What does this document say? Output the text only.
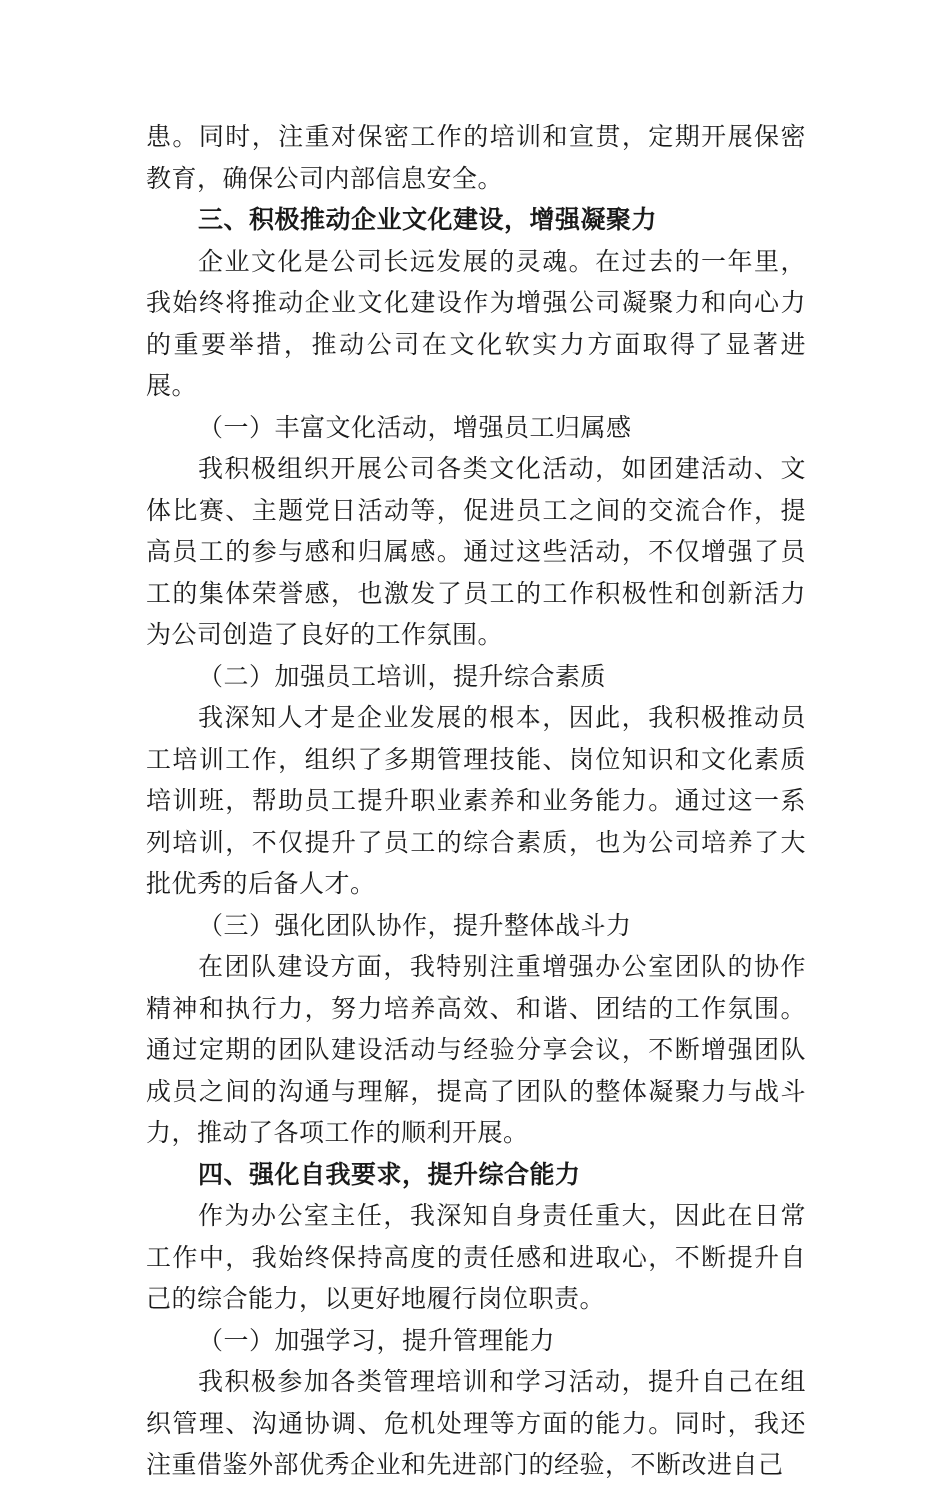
患。同时，注重对保密工作的培训和宣贯，定期开展保密教育，确保公司内部信息安全。

三、积极推动企业文化建设，增强凝聚力

企业文化是公司长远发展的灵魂。在过去的一年里，我始终将推动企业文化建设作为增强公司凝聚力和向心力的重要举措，推动公司在文化软实力方面取得了显著进展。

（一）丰富文化活动，增强员工归属感

我积极组织开展公司各类文化活动，如团建活动、文体比赛、主题党日活动等，促进员工之间的交流合作，提高员工的参与感和归属感。通过这些活动，不仅增强了员工的集体荣誉感，也激发了员工的工作积极性和创新活力为公司创造了良好的工作氛围。

（二）加强员工培训，提升综合素质

我深知人才是企业发展的根本，因此，我积极推动员工培训工作，组织了多期管理技能、岗位知识和文化素质培训班，帮助员工提升职业素养和业务能力。通过这一系列培训，不仅提升了员工的综合素质，也为公司培养了大批优秀的后备人才。

（三）强化团队协作，提升整体战斗力

在团队建设方面，我特别注重增强办公室团队的协作精神和执行力，努力培养高效、和谐、团结的工作氛围。通过定期的团队建设活动与经验分享会议，不断增强团队成员之间的沟通与理解，提高了团队的整体凝聚力与战斗力，推动了各项工作的顺利开展。

四、强化自我要求，提升综合能力

作为办公室主任，我深知自身责任重大，因此在日常工作中，我始终保持高度的责任感和进取心，不断提升自己的综合能力，以更好地履行岗位职责。

（一）加强学习，提升管理能力

我积极参加各类管理培训和学习活动，提升自己在组织管理、沟通协调、危机处理等方面的能力。同时，我还注重借鉴外部优秀企业和先进部门的经验，不断改进自己
